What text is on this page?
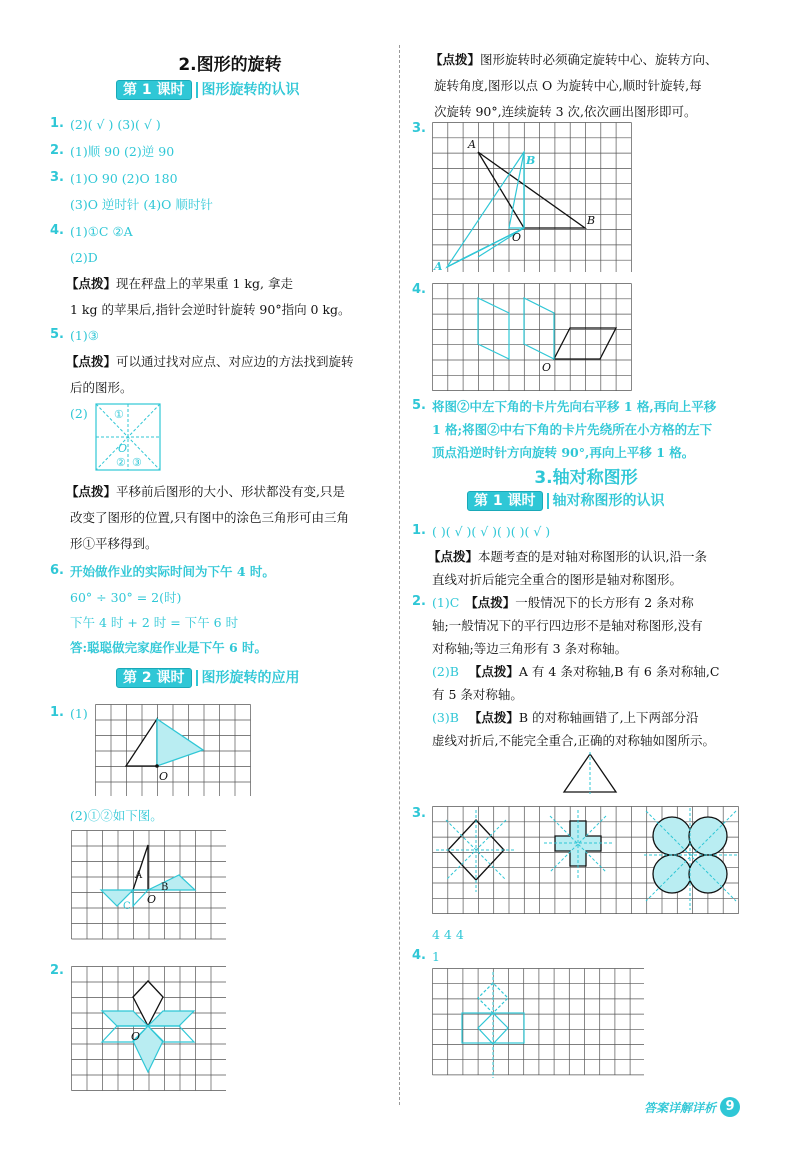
2.图形的旋转
第 1 课时	图形旋转的认识
1. (2)( √ ) (3)( √ )
2. (1)顺 90 (2)逆 90
3. (1)O 90 (2)O 180
(3)O 逆时针 (4)O 顺时针
4. (1)①C ②A
(2)D
【点拨】现在秤盘上的苹果重 1 kg, 拿走
1 kg 的苹果后,指针会逆时针旋转 90°指向 0 kg。
5. (1)③
【点拨】可以通过找对应点、对应边的方法找到旋转
后的图形。
(2) ①
O
② ③
【点拨】平移前后图形的大小、形状都没有变,只是
改变了图形的位置,只有图中的涂色三角形可由三角
形①平移得到。
6. 开始做作业的实际时间为下午 4 时。
60° ÷ 30° = 2(时)
下午 4 时 + 2 时 = 下午 6 时
答:聪聪做完家庭作业是下午 6 时。
第 2 课时	图形旋转的应用
1. (1)
O
(2)①②如下图。
A
B
C
O
2.
O
【点拨】图形旋转时必须确定旋转中心、旋转方向、
旋转角度,图形以点 O 为旋转中心,顺时针旋转,每
次旋转 90°,连续旋转 3 次,依次画出图形即可。
3.
A
B
O
B
A
4.
O
5. 将图②中左下角的卡片先向右平移 1 格,再向上平移
1 格;将图②中右下角的卡片先绕所在小方格的左下
顶点沿逆时针方向旋转 90°,再向上平移 1 格。
3.轴对称图形
第 1 课时	轴对称图形的认识
1. ( )( √ )( √ )( )( )( √ )
【点拨】本题考查的是对轴对称图形的认识,沿一条
直线对折后能完全重合的图形是轴对称图形。
2. (1)C 【点拨】一般情况下的长方形有 2 条对称
轴;一般情况下的平行四边形不是轴对称图形,没有
对称轴;等边三角形有 3 条对称轴。
(2)B 【点拨】A 有 4 条对称轴,B 有 6 条对称轴,C
有 5 条对称轴。
(3)B 【点拨】B 的对称轴画错了,上下两部分沿
虚线对折后,不能完全重合,正确的对称轴如图所示。
3.
4 4 4
4. 1
答案详解详析 9
